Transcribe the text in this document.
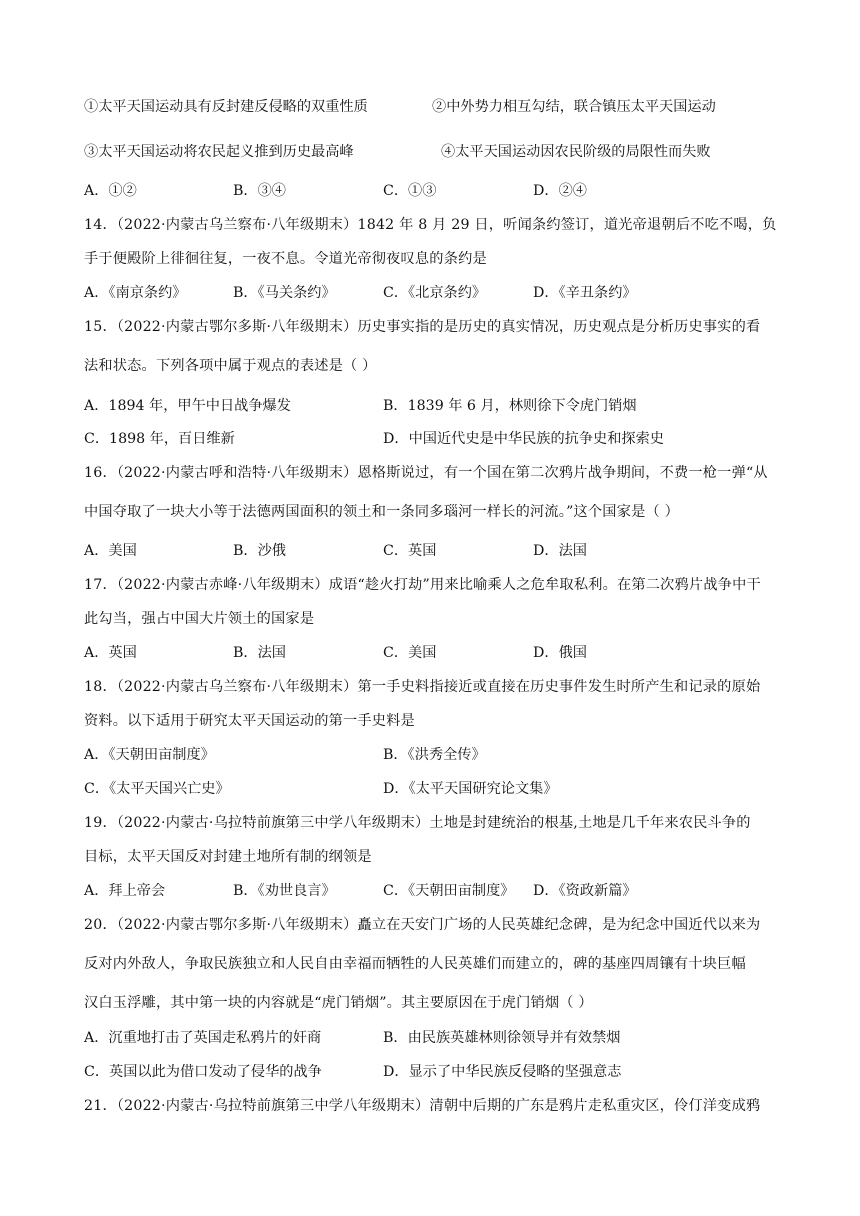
①太平天国运动具有反封建反侵略的双重性质	②中外势力相互勾结，联合镇压太平天国运动
③太平天国运动将农民起义推到历史最高峰	④太平天国运动因农民阶级的局限性而失败
A．①②	B．③④	C．①③	D．②④
14．（2022·内蒙古乌兰察布·八年级期末）1842 年 8 月 29 日，听闻条约签订，道光帝退朝后不吃不喝，负
手于便殿阶上徘徊往复，一夜不息。令道光帝彻夜叹息的条约是
A．《南京条约》	B．《马关条约》	C．《北京条约》	D．《辛丑条约》
15．（2022·内蒙古鄂尔多斯·八年级期末）历史事实指的是历史的真实情况，历史观点是分析历史事实的看
法和状态。下列各项中属于观点的表述是（ ）
A．1894 年，甲午中日战争爆发	B．1839 年 6 月，林则徐下令虎门销烟
C．1898 年，百日维新	D．中国近代史是中华民族的抗争史和探索史
16．（2022·内蒙古呼和浩特·八年级期末）恩格斯说过，有一个国在第二次鸦片战争期间，不费一枪一弹“从
中国夺取了一块大小等于法德两国面积的领土和一条同多瑙河一样长的河流。”这个国家是（ ）
A．美国	B．沙俄	C．英国	D．法国
17．（2022·内蒙古赤峰·八年级期末）成语“趁火打劫”用来比喻乘人之危牟取私利。在第二次鸦片战争中干
此勾当，强占中国大片领土的国家是
A．英国	B．法国	C．美国	D．俄国
18．（2022·内蒙古乌兰察布·八年级期末）第一手史料指接近或直接在历史事件发生时所产生和记录的原始
资料。以下适用于研究太平天国运动的第一手史料是
A．《天朝田亩制度》	B．《洪秀全传》
C．《太平天国兴亡史》	D．《太平天国研究论文集》
19．（2022·内蒙古·乌拉特前旗第三中学八年级期末）土地是封建统治的根基,土地是几千年来农民斗争的
目标，太平天国反对封建土地所有制的纲领是
A．拜上帝会	B．《劝世良言》	C．《天朝田亩制度》 D．《资政新篇》
20．（2022·内蒙古鄂尔多斯·八年级期末）矗立在天安门广场的人民英雄纪念碑，是为纪念中国近代以来为
反对内外敌人，争取民族独立和人民自由幸福而牺牲的人民英雄们而建立的，碑的基座四周镶有十块巨幅
汉白玉浮雕，其中第一块的内容就是“虎门销烟”。其主要原因在于虎门销烟（ ）
A．沉重地打击了英国走私鸦片的奸商	B．由民族英雄林则徐领导并有效禁烟
C．英国以此为借口发动了侵华的战争	D．显示了中华民族反侵略的坚强意志
21．（2022·内蒙古·乌拉特前旗第三中学八年级期末）清朝中后期的广东是鸦片走私重灾区，伶仃洋变成鸦
